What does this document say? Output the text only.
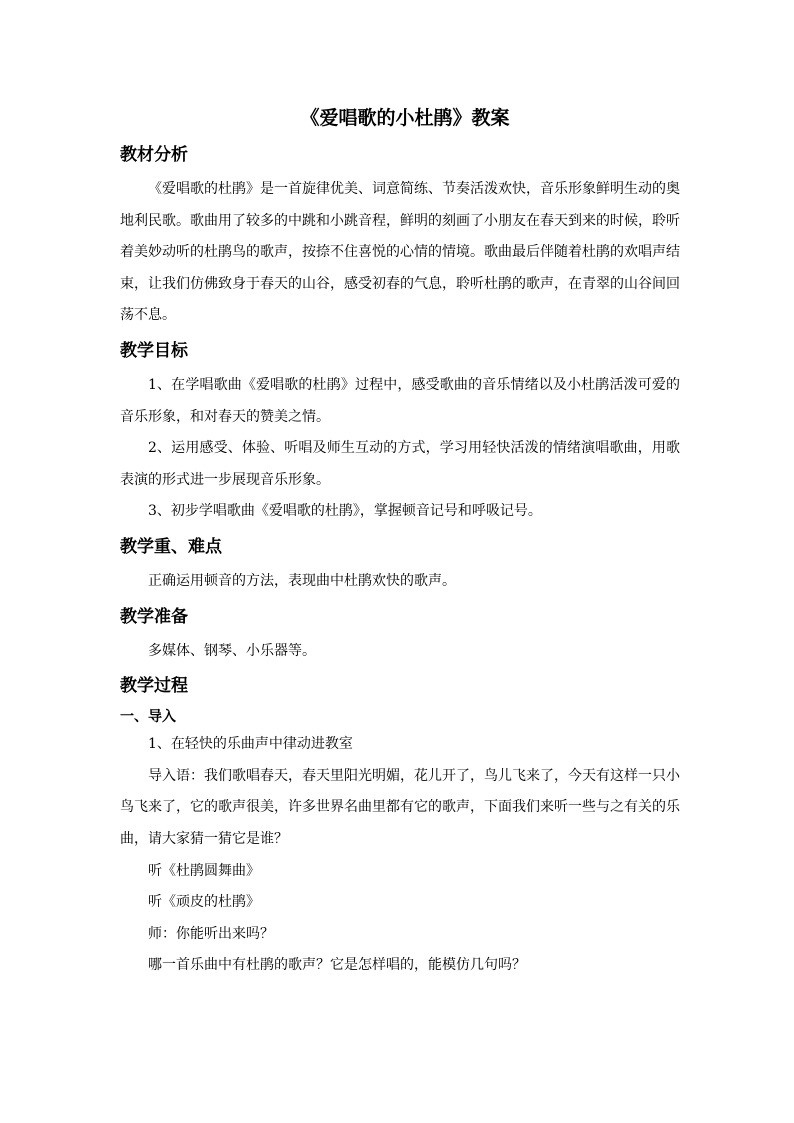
《爱唱歌的小杜鹃》教案
教材分析

《爱唱歌的杜鹃》是一首旋律优美、词意简练、节奏活泼欢快，音乐形象鲜明生动的奥地利民歌。歌曲用了较多的中跳和小跳音程，鲜明的刻画了小朋友在春天到来的时候，聆听着美妙动听的杜鹃鸟的歌声，按捺不住喜悦的心情的情境。歌曲最后伴随着杜鹃的欢唱声结束，让我们仿佛致身于春天的山谷，感受初春的气息，聆听杜鹃的歌声，在青翠的山谷间回荡不息。

教学目标

1、在学唱歌曲《爱唱歌的杜鹃》过程中，感受歌曲的音乐情绪以及小杜鹃活泼可爱的音乐形象，和对春天的赞美之情。

2、运用感受、体验、听唱及师生互动的方式，学习用轻快活泼的情绪演唱歌曲，用歌表演的形式进一步展现音乐形象。

3、初步学唱歌曲《爱唱歌的杜鹃》，掌握顿音记号和呼吸记号。

教学重、难点

正确运用顿音的方法，表现曲中杜鹃欢快的歌声。

教学准备

多媒体、钢琴、小乐器等。

教学过程
一、导入

1、在轻快的乐曲声中律动进教室

导入语：我们歌唱春天，春天里阳光明媚，花儿开了，鸟儿飞来了，今天有这样一只小鸟飞来了，它的歌声很美，许多世界名曲里都有它的歌声，下面我们来听一些与之有关的乐曲，请大家猜一猜它是谁？

听《杜鹃圆舞曲》

听《顽皮的杜鹃》

师：你能听出来吗？

哪一首乐曲中有杜鹃的歌声？它是怎样唱的，能模仿几句吗？
